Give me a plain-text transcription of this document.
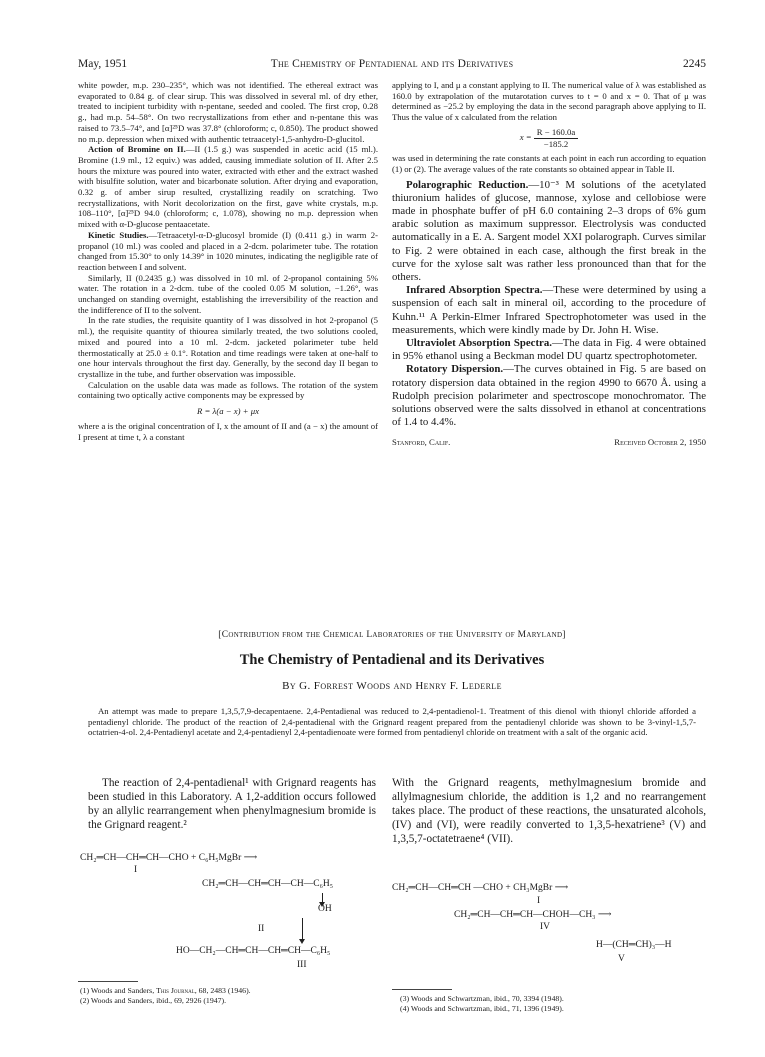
May, 1951	The Chemistry of Pentadienal and its Derivatives	2245

white powder, m.p. 230–235°, which was not identified. The ethereal extract was evaporated to 0.84 g. of clear sirup. This was dissolved in several ml. of dry ether, treated to incipient turbidity with n-pentane, seeded and cooled. The first crop, 0.28 g., had m.p. 54–58°. On two recrystallizations from ether and n-pentane this was raised to 73.5–74°, and [α]²⁵D was 37.8° (chloroform; c, 0.850). The product showed no m.p. depression when mixed with authentic tetraacetyl-1,5-anhydro-D-glucitol.

Action of Bromine on II.—II (1.5 g.) was suspended in acetic acid (15 ml.). Bromine (1.9 ml., 12 equiv.) was added, causing immediate solution of II. After 2.5 hours the mixture was poured into water, extracted with ether and the extract washed with bisulfite solution, water and bicarbonate solution. After drying and evaporation, 0.32 g. of amber sirup resulted, crystallizing readily on scratching. Two recrystallizations, with Norit decolorization on the first, gave white crystals, m.p. 108–110°, [α]²⁵D 94.0 (chloroform; c, 1.078), showing no m.p. depression when mixed with α-D-glucose pentaacetate.

Kinetic Studies.—Tetraacetyl-α-D-glucosyl bromide (I) (0.411 g.) in warm 2-propanol (10 ml.) was cooled and placed in a 2-dcm. polarimeter tube. The rotation changed from 15.30° to only 14.39° in 1020 minutes, indicating the negligible rate of reaction between I and solvent.

Similarly, II (0.2435 g.) was dissolved in 10 ml. of 2-propanol containing 5% water. The rotation in a 2-dcm. tube of the cooled 0.05 M solution, −1.26°, was unchanged on standing overnight, establishing the irreversibility of the reaction and the indifference of II to the solvent.

In the rate studies, the requisite quantity of I was dissolved in hot 2-propanol (5 ml.), the requisite quantity of thiourea similarly treated, the two solutions cooled, mixed and poured into a 10 ml. 2-dcm. jacketed polarimeter tube held thermostatically at 25.0 ± 0.1°. Rotation and time readings were taken at one-half to one hour intervals throughout the first day. Generally, by the second day II began to crystallize in the tube, and further observation was impossible.

Calculation on the usable data was made as follows. The rotation of the system containing two optically active components may be expressed by

R = λ(a − x) + μx

where a is the original concentration of I, x the amount of II and (a − x) the amount of I present at time t, λ a constant

applying to I, and μ a constant applying to II. The numerical value of λ was established as 160.0 by extrapolation of the mutarotation curves to t = 0 and x = 0. That of μ was determined as −25.2 by employing the data in the second paragraph above applying to II. Thus the value of x calculated from the relation

$x = \frac{R - 160.0a}{-185.2}$

was used in determining the rate constants at each point in each run according to equation (1) or (2). The average values of the rate constants so obtained appear in Table II.

Polarographic Reduction.—10⁻³ M solutions of the acetylated thiuronium halides of glucose, mannose, xylose and cellobiose were made in phosphate buffer of pH 6.0 containing 2–3 drops of 6% gum arabic solution as maximum suppressor. Electrolysis was conducted automatically in a E. A. Sargent model XXI polarograph. Curves similar to Fig. 2 were obtained in each case, although the first break in the curve for the xylose salt was rather less pronounced than that for the others.

Infrared Absorption Spectra.—These were determined by using a suspension of each salt in mineral oil, according to the procedure of Kuhn.¹¹ A Perkin-Elmer Infrared Spectrophotometer was used in the measurements, which were kindly made by Dr. John H. Wise.

Ultraviolet Absorption Spectra.—The data in Fig. 4 were obtained in 95% ethanol using a Beckman model DU quartz spectrophotometer.

Rotatory Dispersion.—The curves obtained in Fig. 5 are based on rotatory dispersion data obtained in the region 4990 to 6670 Å. using a Rudolph precision polarimeter and spectroscope monochromator. The solutions observed were the salts dissolved in ethanol at concentrations of 1.4 to 4.4%.

Stanford, Calif.	Received October 2, 1950
[Contribution from the Chemical Laboratories of the University of Maryland]
The Chemistry of Pentadienal and its Derivatives
By G. Forrest Woods and Henry F. Lederle
An attempt was made to prepare 1,3,5,7,9-decapentaene. 2,4-Pentadienal was reduced to 2,4-pentadienol-1. Treatment of this dienol with thionyl chloride afforded a pentadienyl chloride. The product of the reaction of 2,4-pentadienal with the Grignard reagent prepared from the pentadienyl chloride was shown to be 3-vinyl-1,5,7-octatrien-4-ol. 2,4-Pentadienyl acetate and 2,4-pentadienyl 2,4-pentadienoate were formed from pentadienyl chloride on treatment with a salt of the organic acid.
The reaction of 2,4-pentadienal¹ with Grignard reagents has been studied in this Laboratory. A 1,2-addition occurs followed by an allylic rearrangement when phenylmagnesium bromide is the Grignard reagent.²
With the Grignard reagents, methylmagnesium bromide and allylmagnesium chloride, the addition is 1,2 and no rearrangement takes place. The product of these reactions, the unsaturated alcohols, (IV) and (VI), were readily converted to 1,3,5-hexatriene³ (V) and 1,3,5,7-octatetraene⁴ (VII).
CH₂═CH—CH═CH—CHO + C₆H₅MgBr ⟶
I
CH₂═CH—CH═CH—CH—C₆H₅
OH
II
HO—CH₂—CH═CH—CH═CH—C₆H₅
III
CH₂═CH—CH═CH —CHO + CH₃MgBr ⟶
I
CH₂═CH—CH═CH—CHOH—CH₃ ⟶
IV
H—(CH═CH)₃—H
V
(1) Woods and Sanders, This Journal, 68, 2483 (1946).
(2) Woods and Sanders, ibid., 69, 2926 (1947).	(3) Woods and Schwartzman, ibid., 70, 3394 (1948).
(4) Woods and Schwartzman, ibid., 71, 1396 (1949).
